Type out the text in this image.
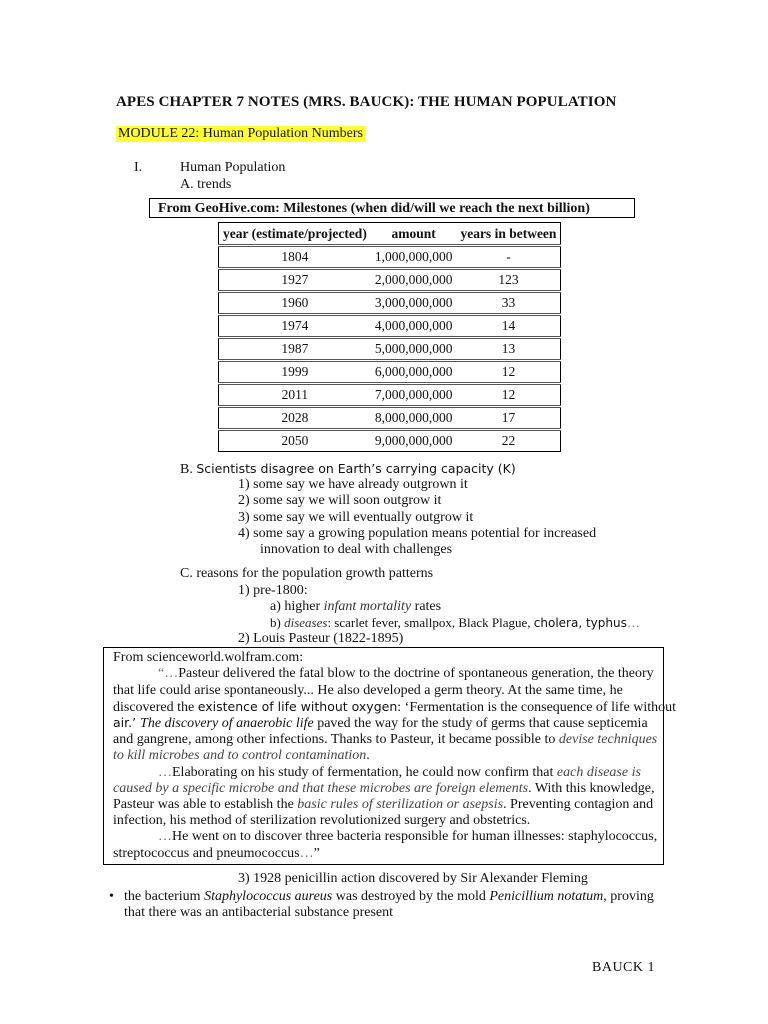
APES CHAPTER 7 NOTES (MRS. BAUCK): THE HUMAN POPULATION
MODULE 22: Human Population Numbers
I.	Human Population
A. trends
From GeoHive.com: Milestones (when did/will we reach the next billion)
year (estimate/projected)	amount	years in between
1804	1,000,000,000	-
1927	2,000,000,000	123
1960	3,000,000,000	33
1974	4,000,000,000	14
1987	5,000,000,000	13
1999	6,000,000,000	12
2011	7,000,000,000	12
2028	8,000,000,000	17
2050	9,000,000,000	22
B. Scientists disagree on Earth’s carrying capacity (K)
1) some say we have already outgrown it
2) some say we will soon outgrow it
3) some say we will eventually outgrow it
4) some say a growing population means potential for increased
innovation to deal with challenges
C. reasons for the population growth patterns
1) pre-1800:
a) higher infant mortality rates
b) diseases: scarlet fever, smallpox, Black Plague, cholera, typhus…
2) Louis Pasteur (1822-1895)
From scienceworld.wolfram.com:
“…Pasteur delivered the fatal blow to the doctrine of spontaneous generation, the theory
that life could arise spontaneously... He also developed a germ theory. At the same time, he
discovered the existence of life without oxygen: ‘Fermentation is the consequence of life without
air.’ The discovery of anaerobic life paved the way for the study of germs that cause septicemia
and gangrene, among other infections. Thanks to Pasteur, it became possible to devise techniques
to kill microbes and to control contamination.
…Elaborating on his study of fermentation, he could now confirm that each disease is
caused by a specific microbe and that these microbes are foreign elements. With this knowledge,
Pasteur was able to establish the basic rules of sterilization or asepsis. Preventing contagion and
infection, his method of sterilization revolutionized surgery and obstetrics.
…He went on to discover three bacteria responsible for human illnesses: staphylococcus,
streptococcus and pneumococcus…”
3) 1928 penicillin action discovered by Sir Alexander Fleming
• the bacterium Staphylococcus aureus was destroyed by the mold Penicillium notatum, proving
that there was an antibacterial substance present
BAUCK 1
